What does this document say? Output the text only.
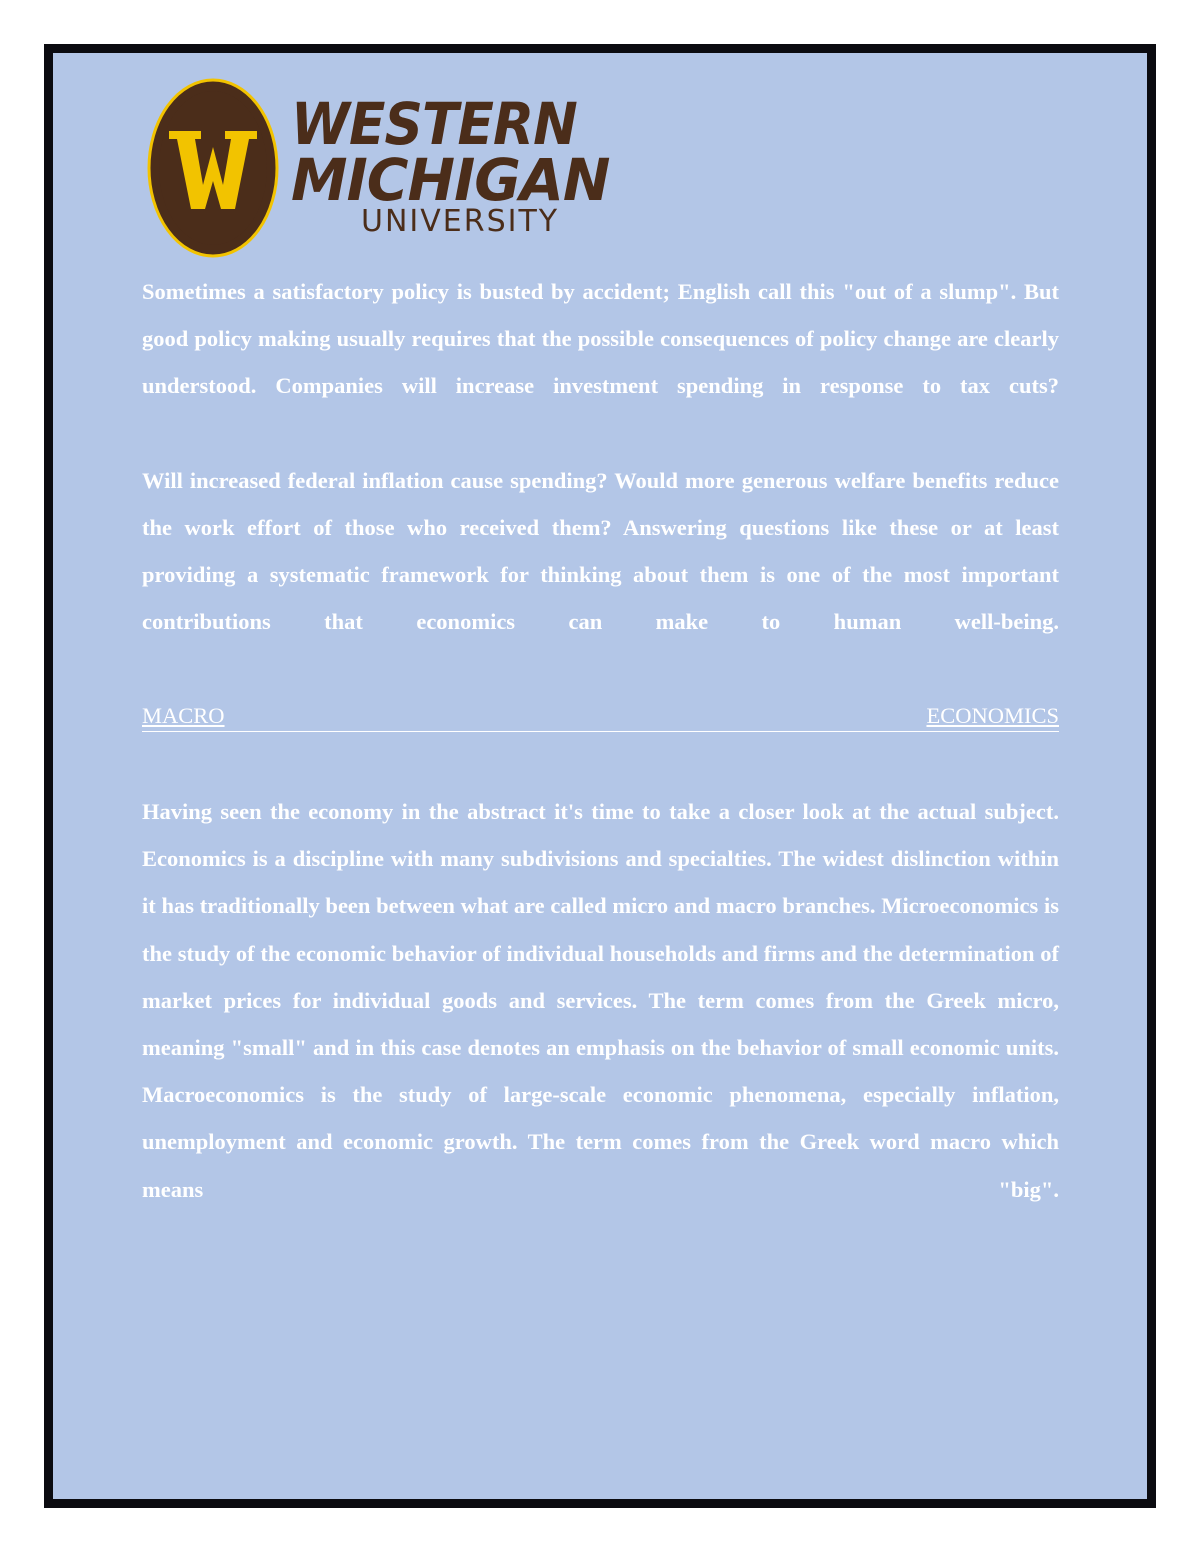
WESTERN
MICHIGAN
UNIVERSITY

Sometimes a satisfactory policy is busted by accident; English call this "out of a slump". But good policy making usually requires that the possible consequences of policy change are clearly understood. Companies will increase investment spending in response to tax cuts?

Will increased federal inflation cause spending? Would more generous welfare benefits reduce the work effort of those who received them? Answering questions like these or at least providing a systematic framework for thinking about them is one of the most important contributions that economics can make to human well-being.

MACRO	ECONOMICS

Having seen the economy in the abstract it's time to take a closer look at the actual subject. Economics is a discipline with many subdivisions and specialties. The widest dislinction within it has traditionally been between what are called micro and macro branches. Microeconomics is the study of the economic behavior of individual households and firms and the determination of market prices for individual goods and services. The term comes from the Greek micro, meaning "small" and in this case denotes an emphasis on the behavior of small economic units. Macroeconomics is the study of large-scale economic phenomena, especially inflation, unemployment and economic growth. The term comes from the Greek word macro which means "big".
